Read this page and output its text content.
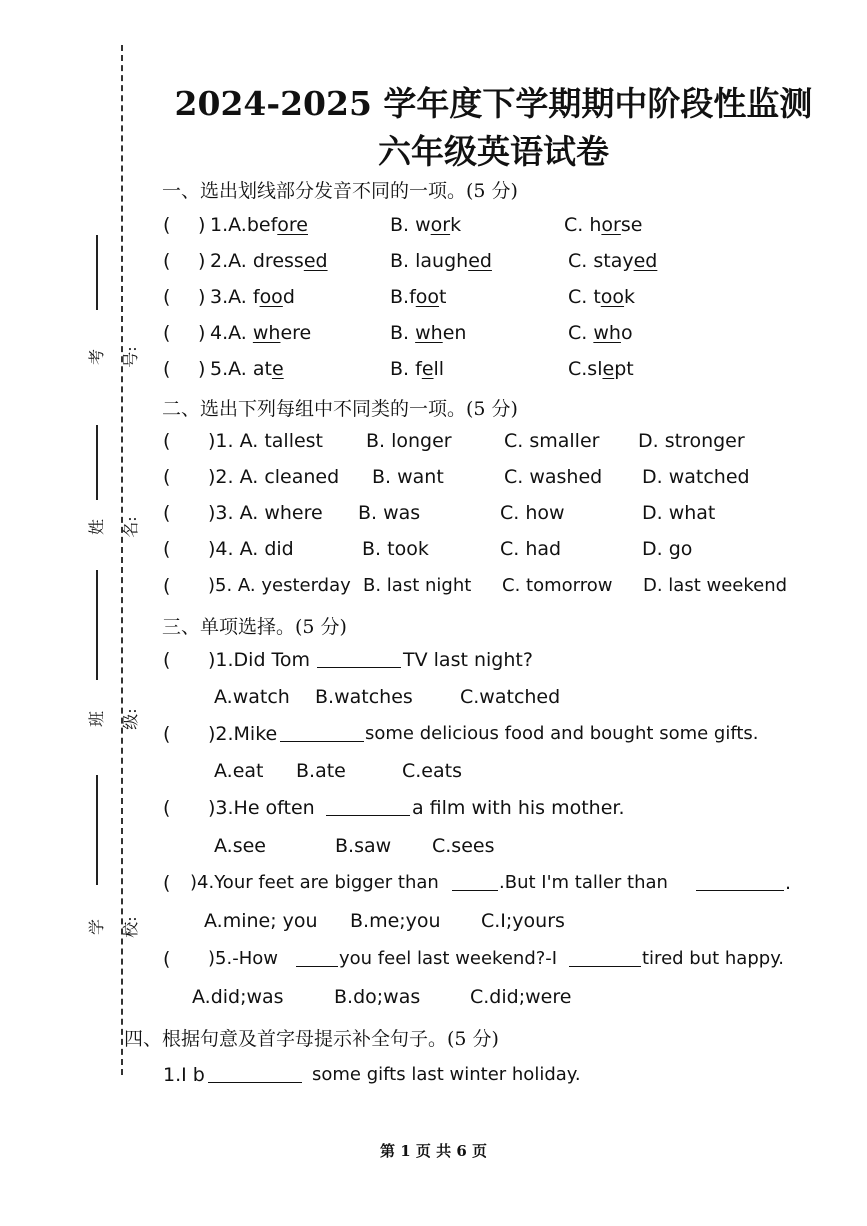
考号:
姓名:
班级:
学校:
2024-2025 学年度下学期期中阶段性监测
六年级英语试卷
一、选出划线部分发音不同的一项。(5 分)
( ) 1.A.before	B. work	C. horse
( ) 2.A. dressed	B. laughed	C. stayed
( ) 3.A. food	B.foot	C. took
( ) 4.A. where	B. when	C. who
( ) 5.A. ate	B. fell	C.slept
二、选出下列每组中不同类的一项。(5 分)
( )1. A. tallest B. longer	C. smaller D. stronger
( )2. A. cleaned B. want	C. washed D. watched
( )3. A. where B. was	C. how	D. what
( )4. A. did	B. took	C. had	D. go
( )5. A. yesterday B. last night C. tomorrow D. last weekend
三、单项选择。(5 分)
( )1.Did Tom	TV last night?
A.watch B.watches C.watched
( )2.Mike	some delicious food and bought some gifts.
A.eat B.ate	C.eats
( )3.He often	a film with his mother.
A.see	B.saw C.sees
( )4.Your feet are bigger than	.But I'm taller than	.
A.mine; you B.me;you C.I;yours
( )5.-How	you feel last weekend?-I	tired but happy.
A.did;was	B.do;was	C.did;were
四、根据句意及首字母提示补全句子。(5 分)
1.I b	some gifts last winter holiday.
第 1 页 共 6 页
